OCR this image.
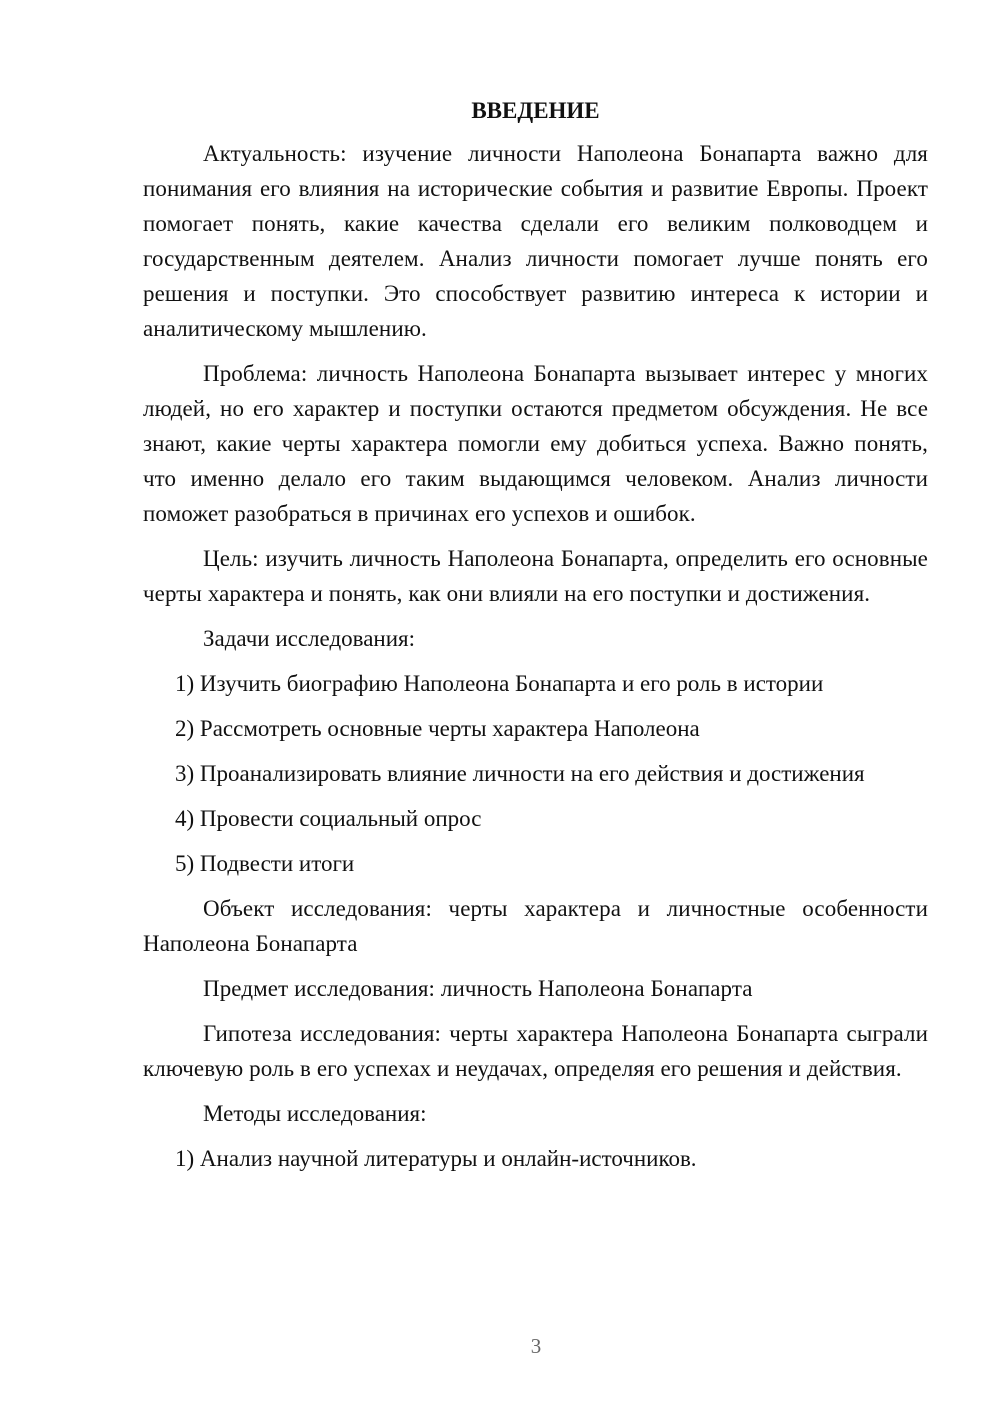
ВВЕДЕНИЕ

Актуальность: изучение личности Наполеона Бонапарта важно для понимания его влияния на исторические события и развитие Европы. Проект помогает понять, какие качества сделали его великим полководцем и государственным деятелем. Анализ личности помогает лучше понять его решения и поступки. Это способствует развитию интереса к истории и аналитическому мышлению.

Проблема: личность Наполеона Бонапарта вызывает интерес у многих людей, но его характер и поступки остаются предметом обсуждения. Не все знают, какие черты характера помогли ему добиться успеха. Важно понять, что именно делало его таким выдающимся человеком. Анализ личности поможет разобраться в причинах его успехов и ошибок.

Цель: изучить личность Наполеона Бонапарта, определить его основные черты характера и понять, как они влияли на его поступки и достижения.

Задачи исследования:

1) Изучить биографию Наполеона Бонапарта и его роль в истории

2) Рассмотреть основные черты характера Наполеона

3) Проанализировать влияние личности на его действия и достижения

4) Провести социальный опрос

5) Подвести итоги

Объект исследования: черты характера и личностные особенности Наполеона Бонапарта

Предмет исследования: личность Наполеона Бонапарта

Гипотеза исследования: черты характера Наполеона Бонапарта сыграли ключевую роль в его успехах и неудачах, определяя его решения и действия.

Методы исследования:

1) Анализ научной литературы и онлайн-источников.

3
